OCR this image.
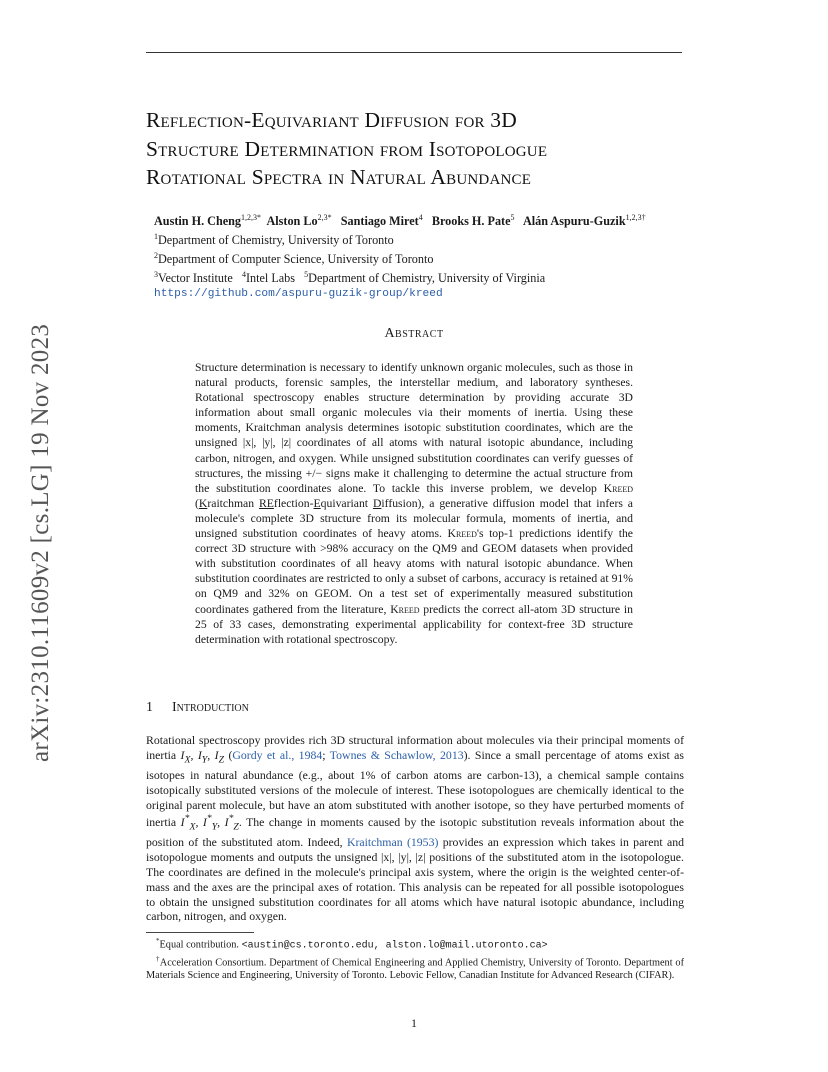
Reflection-Equivariant Diffusion for 3D
Structure Determination from Isotopologue
Rotational Spectra in Natural Abundance
Austin H. Cheng$^{1,2,3*}$ Alston $Lo^{2,3*}$ Santiago Miret$^4$ Brooks H. Pate$^5$ Alán Aspuru-Guzik$^{1,2,3\dagger}$
$^1$Department of Chemistry, University of Toronto
$^2$Department of Computer Science, University of Toronto
$^3$Vector Institute $^4$Intel Labs $^5$Department of Chemistry, University of Virginia
https://github.com/aspuru-guzik-group/kreed
Abstract
Structure determination is necessary to identify unknown organic molecules, such as those in natural products, forensic samples, the interstellar medium, and laboratory syntheses. Rotational spectroscopy enables structure determination by providing accurate 3D information about small organic molecules via their moments of inertia. Using these moments, Kraitchman analysis determines isotopic substitution coordinates, which are the unsigned |x|, |y|, |z| coordinates of all atoms with natural isotopic abundance, including carbon, nitrogen, and oxygen. While unsigned substitution coordinates can verify guesses of structures, the missing +/− signs make it challenging to determine the actual structure from the substitution coordinates alone. To tackle this inverse problem, we develop Kreed (Kraitchman REflection-Equivariant Diffusion), a generative diffusion model that infers a molecule's complete 3D structure from its molecular formula, moments of inertia, and unsigned substitution coordinates of heavy atoms. Kreed's top-1 predictions identify the correct 3D structure with >98% accuracy on the QM9 and GEOM datasets when provided with substitution coordinates of all heavy atoms with natural isotopic abundance. When substitution coordinates are restricted to only a subset of carbons, accuracy is retained at 91% on QM9 and 32% on GEOM. On a test set of experimentally measured substitution coordinates gathered from the literature, Kreed predicts the correct all-atom 3D structure in 25 of 33 cases, demonstrating experimental applicability for context-free 3D structure determination with rotational spectroscopy.
1 Introduction
Rotational spectroscopy provides rich 3D structural information about molecules via their principal moments of inertia $I_X$, $I_Y$, $I_Z$ (Gordy et al., 1984; Townes & Schawlow, 2013). Since a small percentage of atoms exist as isotopes in natural abundance (e.g., about 1% of carbon atoms are carbon-13), a chemical sample contains isotopically substituted versions of the molecule of interest. These isotopologues are chemically identical to the original parent molecule, but have an atom substituted with another isotope, so they have perturbed moments of inertia $I^*_X$, $I^*_Y$, $I^*_Z$. The change in moments caused by the isotopic substitution reveals information about the position of the substituted atom. Indeed, Kraitchman (1953) provides an expression which takes in parent and isotopologue moments and outputs the unsigned |x|, |y|, |z| positions of the substituted atom in the isotopologue. The coordinates are defined in the molecule's principal axis system, where the origin is the weighted center-of-mass and the axes are the principal axes of rotation. This analysis can be repeated for all possible isotopologues to obtain the unsigned substitution coordinates for all atoms which have natural isotopic abundance, including carbon, nitrogen, and oxygen.
*Equal contribution. <austin@cs.toronto.edu, alston.lo@mail.utoronto.ca>
†Acceleration Consortium. Department of Chemical Engineering and Applied Chemistry, University of Toronto. Department of Materials Science and Engineering, University of Toronto. Lebovic Fellow, Canadian Institute for Advanced Research (CIFAR).
1
arXiv:2310.11609v2 [cs.LG] 19 Nov 2023
